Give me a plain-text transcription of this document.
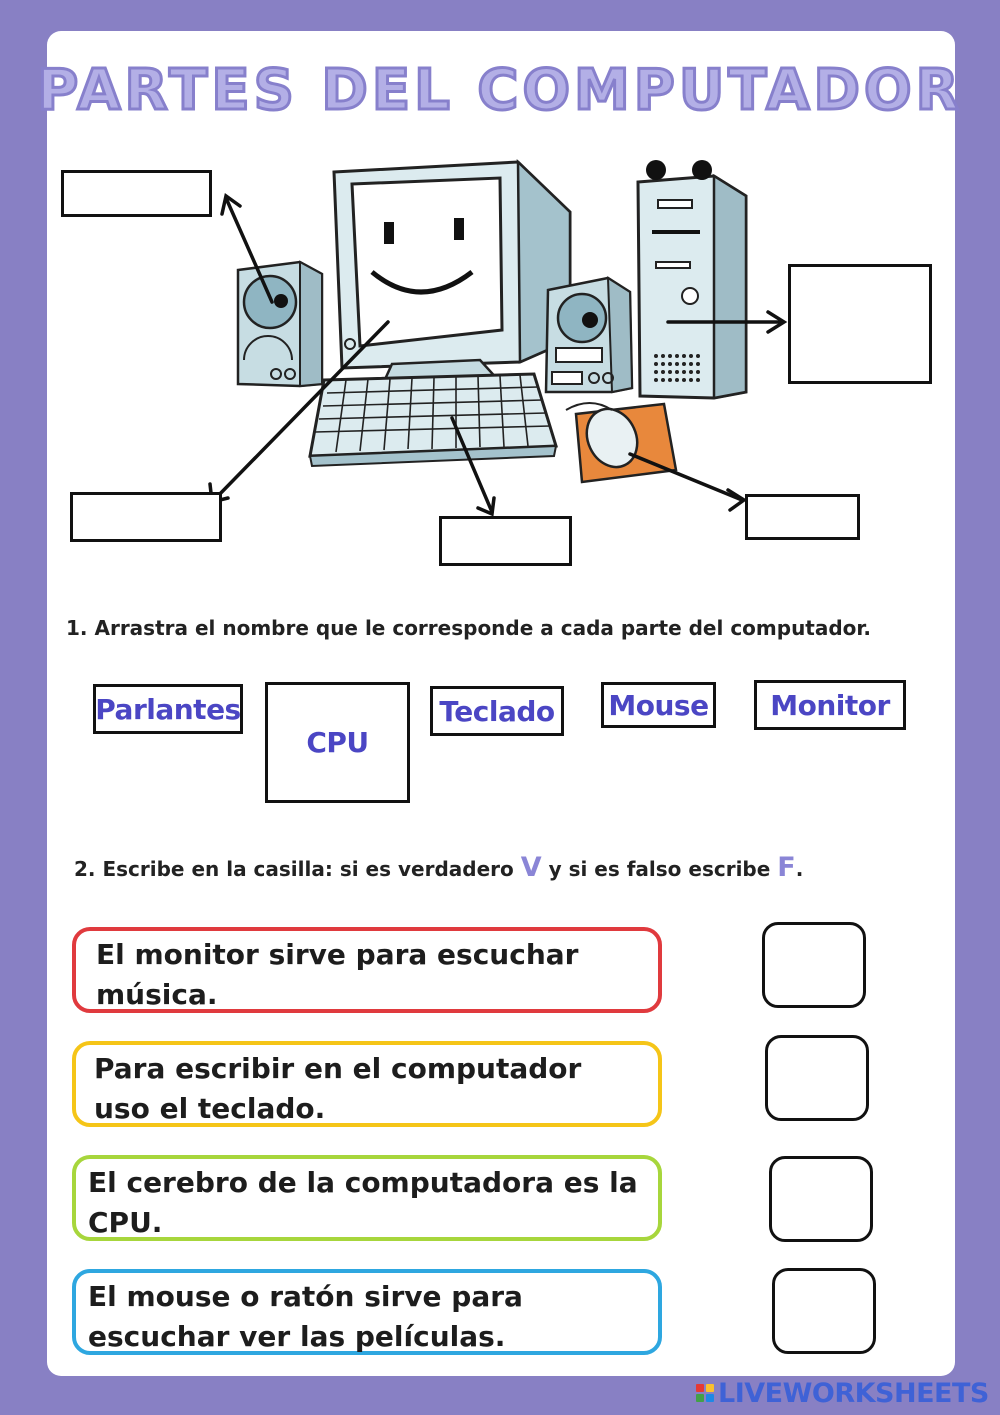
PARTES DEL COMPUTADOR
1. Arrastra el nombre que le corresponde a cada parte del computador.
Parlantes
CPU
Teclado	Mouse	Monitor
2. Escribe en la casilla: si es verdadero V y si es falso escribe F.
El monitor sirve para escuchar música.
Para escribir en el computador uso el teclado.
El cerebro de la computadora es la CPU.
El mouse o ratón sirve para escuchar ver las películas.
LIVEWORKSHEETS
